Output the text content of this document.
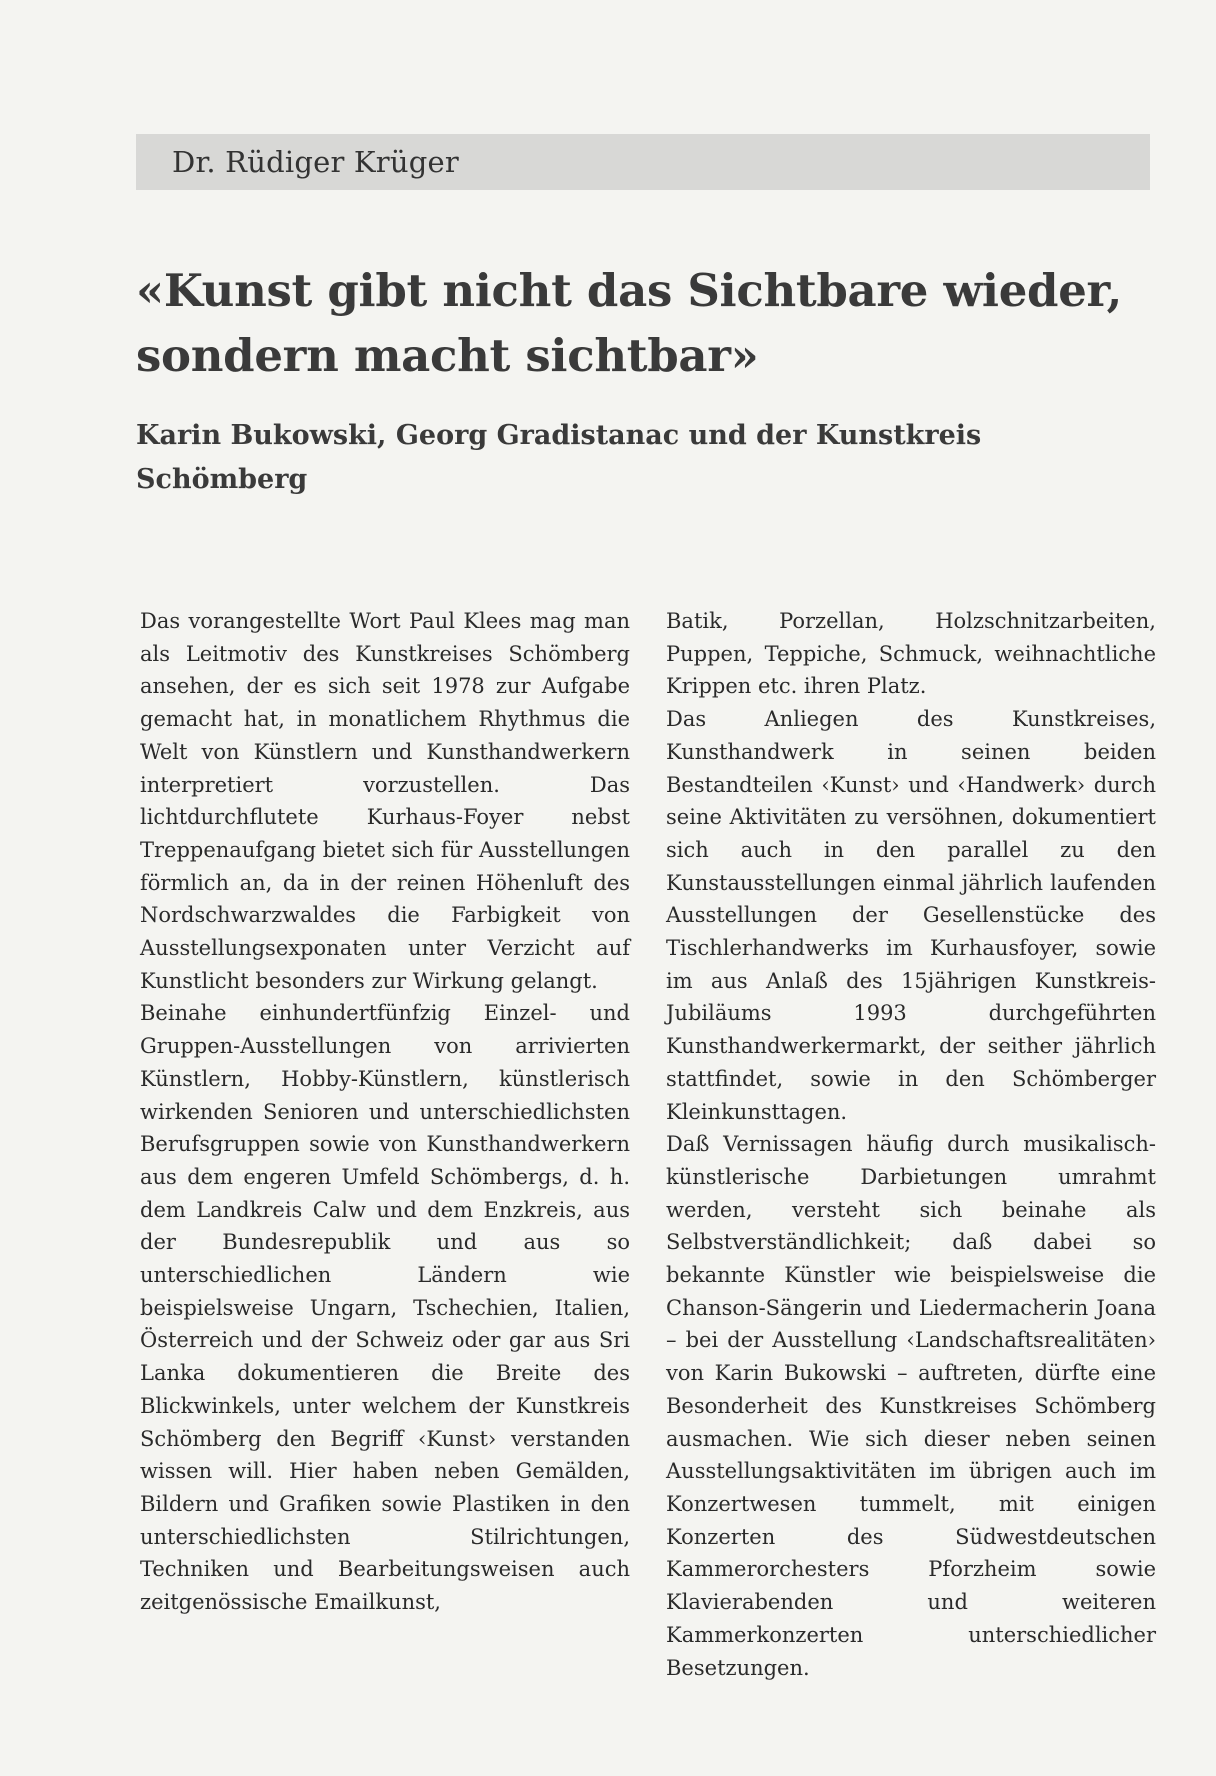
Dr. Rüdiger Krüger
«Kunst gibt nicht das Sichtbare wieder,
sondern macht sichtbar»
Karin Bukowski, Georg Gradistanac und der Kunstkreis Schömberg

Das vorangestellte Wort Paul Klees mag man als Leitmotiv des Kunstkreises Schömberg ansehen, der es sich seit 1978 zur Aufgabe gemacht hat, in monatlichem Rhythmus die Welt von Künstlern und Kunsthandwerkern interpretiert vorzustellen. Das lichtdurchflutete Kurhaus-Foyer nebst Treppenaufgang bietet sich für Ausstellungen förmlich an, da in der reinen Höhenluft des Nordschwarzwaldes die Farbigkeit von Ausstellungsexponaten unter Verzicht auf Kunstlicht besonders zur Wirkung gelangt.

Beinahe einhundertfünfzig Einzel- und Gruppen-Ausstellungen von arrivierten Künstlern, Hobby-Künstlern, künstlerisch wirkenden Senioren und unterschiedlichsten Berufsgruppen sowie von Kunsthandwerkern aus dem engeren Umfeld Schömbergs, d. h. dem Landkreis Calw und dem Enzkreis, aus der Bundesrepublik und aus so unterschiedlichen Ländern wie beispielsweise Ungarn, Tschechien, Italien, Österreich und der Schweiz oder gar aus Sri Lanka dokumentieren die Breite des Blickwinkels, unter welchem der Kunstkreis Schömberg den Begriff ‹Kunst› verstanden wissen will. Hier haben neben Gemälden, Bildern und Grafiken sowie Plastiken in den unterschiedlichsten Stilrichtungen, Techniken und Bearbeitungsweisen auch zeitgenössische Emailkunst,

Batik, Porzellan, Holzschnitzarbeiten, Puppen, Teppiche, Schmuck, weihnachtliche Krippen etc. ihren Platz.

Das Anliegen des Kunstkreises, Kunsthandwerk in seinen beiden Bestandteilen ‹Kunst› und ‹Handwerk› durch seine Aktivitäten zu versöhnen, dokumentiert sich auch in den parallel zu den Kunstausstellungen einmal jährlich laufenden Ausstellungen der Gesellenstücke des Tischlerhandwerks im Kurhausfoyer, sowie im aus Anlaß des 15jährigen Kunstkreis-Jubiläums 1993 durchgeführten Kunsthandwerkermarkt, der seither jährlich stattfindet, sowie in den Schömberger Kleinkunsttagen.

Daß Vernissagen häufig durch musikalisch-künstlerische Darbietungen umrahmt werden, versteht sich beinahe als Selbstverständlichkeit; daß dabei so bekannte Künstler wie beispielsweise die Chanson-Sängerin und Liedermacherin Joana – bei der Ausstellung ‹Landschaftsrealitäten› von Karin Bukowski – auftreten, dürfte eine Besonderheit des Kunstkreises Schömberg ausmachen. Wie sich dieser neben seinen Ausstellungsaktivitäten im übrigen auch im Konzertwesen tummelt, mit einigen Konzerten des Südwestdeutschen Kammerorchesters Pforzheim sowie Klavierabenden und weiteren Kammerkonzerten unterschiedlicher Besetzungen.
